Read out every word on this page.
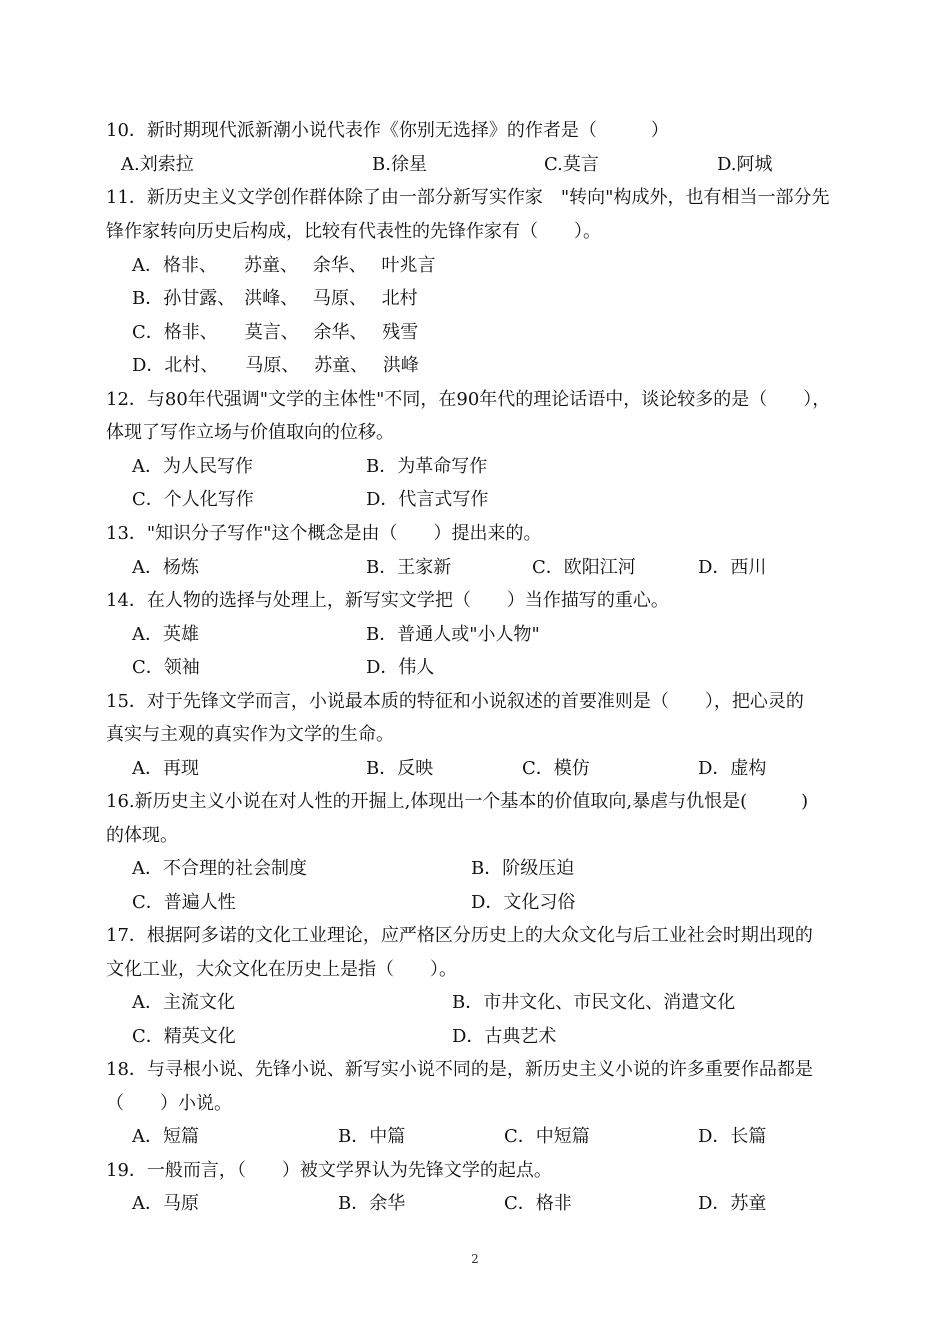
10．新时期现代派新潮小说代表作《你别无选择》的作者是（　　　）
A.刘索拉	B.徐星	C.莫言	D.阿城
11．新历史主义文学创作群体除了由一部分新写实作家　"转向"构成外，也有相当一部分先
锋作家转向历史后构成，比较有代表性的先锋作家有（　　）。
A．格非、　　苏童、　 余华、　 叶兆言
B．孙甘露、　洪峰、　 马原、　 北村
C．格非、　　莫言、　 余华、　 残雪
D．北村、　　马原、　 苏童、　 洪峰
12．与80年代强调"文学的主体性"不同，在90年代的理论话语中，谈论较多的是（　　），
体现了写作立场与价值取向的位移。
A．为人民写作	B．为革命写作
C．个人化写作	D．代言式写作
13．"知识分子写作"这个概念是由（　　）提出来的。
A．杨炼	B．王家新	C．欧阳江河	D．西川
14．在人物的选择与处理上，新写实文学把（　　）当作描写的重心。
A．英雄	B．普通人或"小人物"
C．领袖	D．伟人
15．对于先锋文学而言，小说最本质的特征和小说叙述的首要准则是（　　），把心灵的
真实与主观的真实作为文学的生命。
A．再现	B．反映	C．模仿	D．虚构
16.新历史主义小说在对人性的开掘上,体现出一个基本的价值取向,暴虐与仇恨是(　　　)
的体现。
A．不合理的社会制度	B．阶级压迫
C．普遍人性	D．文化习俗
17．根据阿多诺的文化工业理论，应严格区分历史上的大众文化与后工业社会时期出现的
文化工业，大众文化在历史上是指（　　）。
A．主流文化	B．市井文化、市民文化、消遣文化
C．精英文化	D．古典艺术
18．与寻根小说、先锋小说、新写实小说不同的是，新历史主义小说的许多重要作品都是
（　　）小说。
A．短篇	B．中篇	C．中短篇	D．长篇
19．一般而言，（　　）被文学界认为先锋文学的起点。
A．马原	B．余华	C．格非	D．苏童
2
